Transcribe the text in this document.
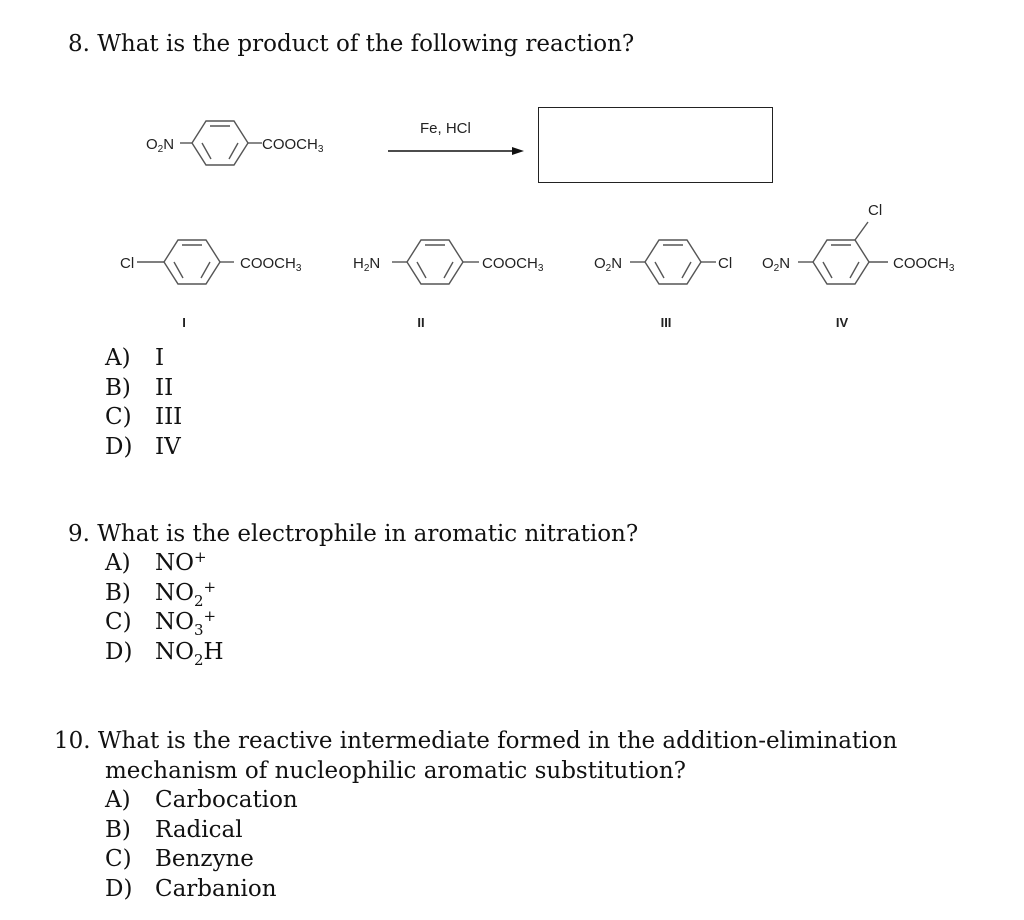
8. What is the product of the following reaction?
$O_2N$	$COOCH_3$
Fe, HCl
Cl	$COOCH_3$
I
$H_2N$	$COOCH_3$
II
$O_2N$	Cl
III
$O_2N$
Cl
$COOCH_3$
IV
A)	I
B)	II
C)	III
D) IV
9. What is the electrophile in aromatic nitration?
A)	NO+
B)	$NO_2^+$
C)	$NO_3^+$
D) $NO_2H$
10. What is the reactive intermediate formed in the addition-elimination
mechanism of nucleophilic aromatic substitution?
A)	Carbocation
B)	Radical
C)	Benzyne
D) Carbanion
